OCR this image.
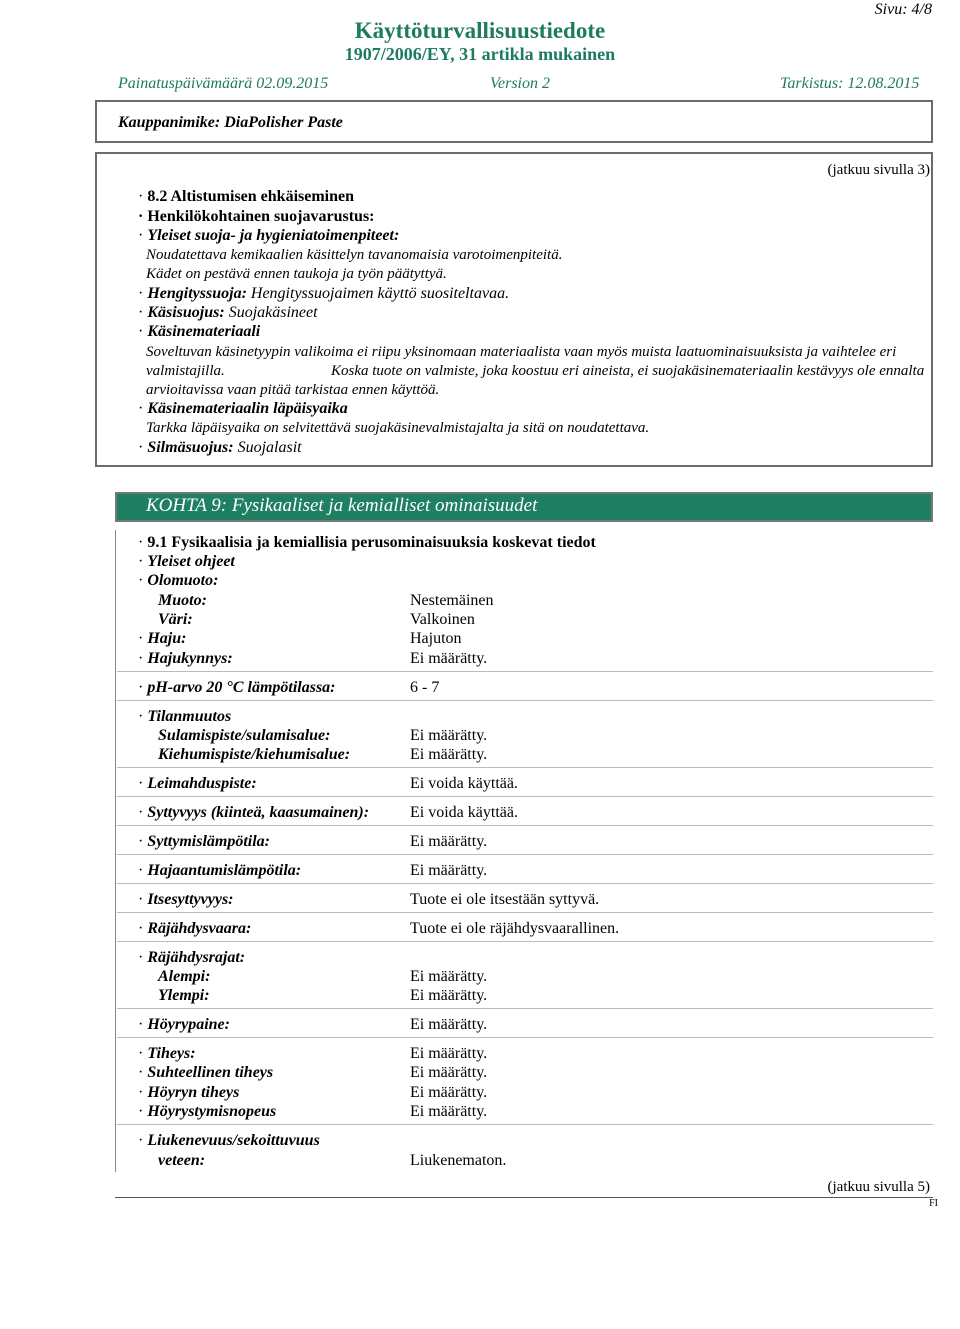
Sivu: 4/8
Käyttöturvallisuustiedote
1907/2006/EY, 31 artikla mukainen
Painatuspäivämäärä 02.09.2015	Version 2	Tarkistus: 12.08.2015
Kauppanimike: DiaPolisher Paste
(jatkuu sivulla 3)
· 8.2 Altistumisen ehkäiseminen
· Henkilökohtainen suojavarustus:
· Yleiset suoja- ja hygieniatoimenpiteet:
Noudatettava kemikaalien käsittelyn tavanomaisia varotoimenpiteitä.
Kädet on pestävä ennen taukoja ja työn päätyttyä.
· Hengityssuoja: Hengityssuojaimen käyttö suositeltavaa.
· Käsisuojus: Suojakäsineet
· Käsinemateriaali
Soveltuvan käsinetyypin valikoima ei riipu yksinomaan materiaalista vaan myös muista laatuominaisuuksista ja vaihtelee eri valmistajilla.	Koska tuote on valmiste, joka koostuu eri aineista, ei suojakäsinemateriaalin kestävyys ole ennalta arvioitavissa vaan pitää tarkistaa ennen käyttöä.
· Käsinemateriaalin läpäisyaika
Tarkka läpäisyaika on selvitettävä suojakäsinevalmistajalta ja sitä on noudatettava.
· Silmäsuojus: Suojalasit
KOHTA 9: Fysikaaliset ja kemialliset ominaisuudet
· 9.1 Fysikaalisia ja kemiallisia perusominaisuuksia koskevat tiedot
· Yleiset ohjeet
· Olomuoto:
Muoto:	Nestemäinen
Väri:	Valkoinen
· Haju:	Hajuton
· Hajukynnys:	Ei määrätty.
· pH-arvo 20 °C lämpötilassa:	6 - 7
· Tilanmuutos
Sulamispiste/sulamisalue:	Ei määrätty.
Kiehumispiste/kiehumisalue:	Ei määrätty.
· Leimahduspiste:	Ei voida käyttää.
· Syttyvyys (kiinteä, kaasumainen):	Ei voida käyttää.
· Syttymislämpötila:	Ei määrätty.
· Hajaantumislämpötila:	Ei määrätty.
· Itsesyttyvyys:	Tuote ei ole itsestään syttyvä.
· Räjähdysvaara:	Tuote ei ole räjähdysvaarallinen.
· Räjähdysrajat:
Alempi:	Ei määrätty.
Ylempi:	Ei määrätty.
· Höyrypaine:	Ei määrätty.
· Tiheys:	Ei määrätty.
· Suhteellinen tiheys	Ei määrätty.
· Höyryn tiheys	Ei määrätty.
· Höyrystymisnopeus	Ei määrätty.
· Liukenevuus/sekoittuvuus
veteen:	Liukenematon.
(jatkuu sivulla 5)
FI
